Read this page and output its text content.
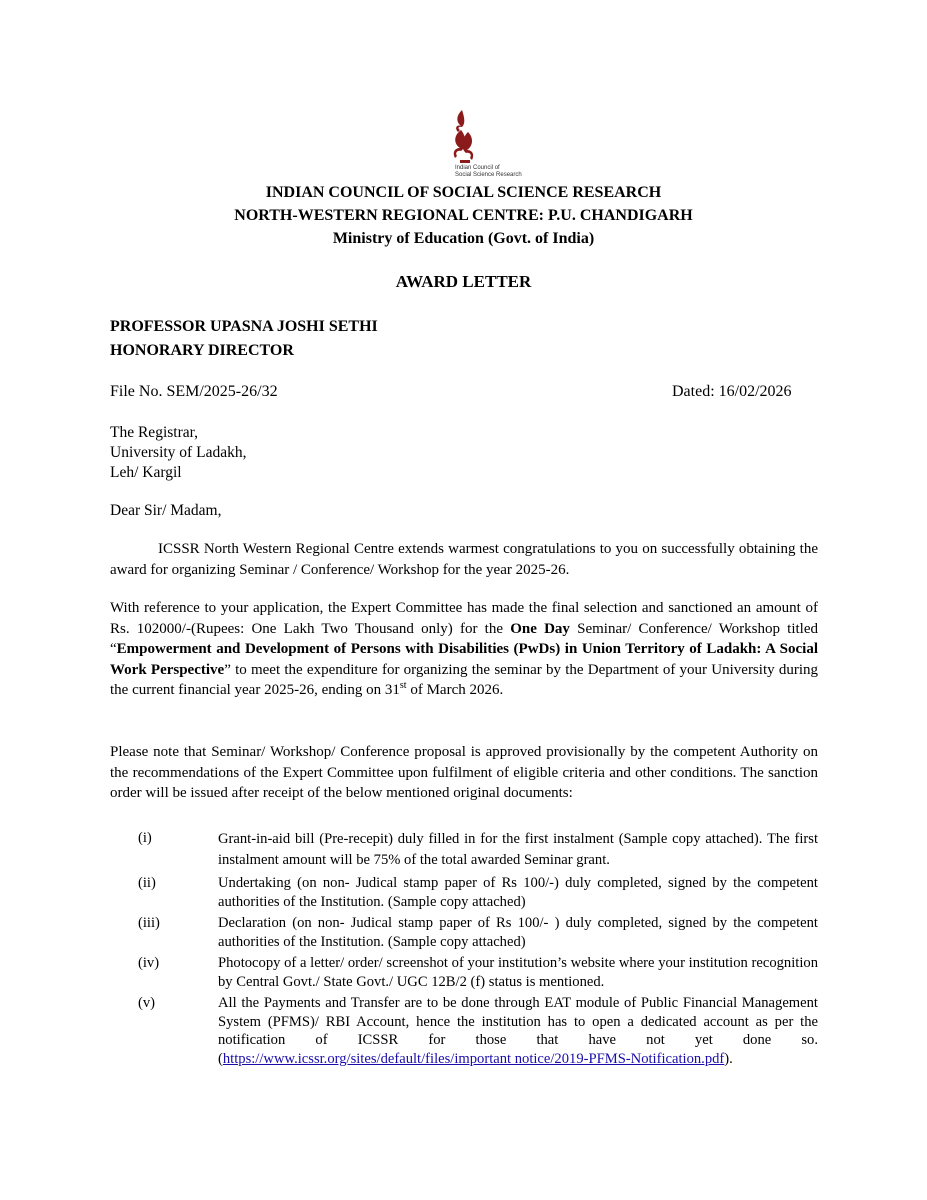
Indian Council of
Social Science Research
INDIAN COUNCIL OF SOCIAL SCIENCE RESEARCH
NORTH-WESTERN REGIONAL CENTRE: P.U. CHANDIGARH
Ministry of Education (Govt. of India)
AWARD LETTER
PROFESSOR UPASNA JOSHI SETHI
HONORARY DIRECTOR
File No. SEM/2025-26/32	Dated: 16/02/2026
The Registrar,
University of Ladakh,
Leh/ Kargil
Dear Sir/ Madam,
ICSSR North Western Regional Centre extends warmest congratulations to you on successfully obtaining the award for organizing Seminar / Conference/ Workshop for the year 2025-26.
With reference to your application, the Expert Committee has made the final selection and sanctioned an amount of Rs. 102000/-(Rupees: One Lakh Two Thousand only) for the One Day Seminar/ Conference/ Workshop titled “Empowerment and Development of Persons with Disabilities (PwDs) in Union Territory of Ladakh: A Social Work Perspective” to meet the expenditure for organizing the seminar by the Department of your University during the current financial year 2025-26, ending on 31st of March 2026.
Please note that Seminar/ Workshop/ Conference proposal is approved provisionally by the competent Authority on the recommendations of the Expert Committee upon fulfilment of eligible criteria and other conditions. The sanction order will be issued after receipt of the below mentioned original documents:
(i)	Grant-in-aid bill (Pre-recepit) duly filled in for the first instalment (Sample copy attached). The first instalment amount will be 75% of the total awarded Seminar grant.
(ii)	Undertaking (on non- Judical stamp paper of Rs 100/-) duly completed, signed by the competent authorities of the Institution. (Sample copy attached)
(iii)	Declaration (on non- Judical stamp paper of Rs 100/- ) duly completed, signed by the competent authorities of the Institution. (Sample copy attached)
(iv)	Photocopy of a letter/ order/ screenshot of your institution’s website where your institution recognition by Central Govt./ State Govt./ UGC 12B/2 (f) status is mentioned.
(v)	All the Payments and Transfer are to be done through EAT module of Public Financial Management System (PFMS)/ RBI Account, hence the institution has to open a dedicated account as per the notification of ICSSR for those that have not yet done so. (https://www.icssr.org/sites/default/files/important notice/2019-PFMS-Notification.pdf).
